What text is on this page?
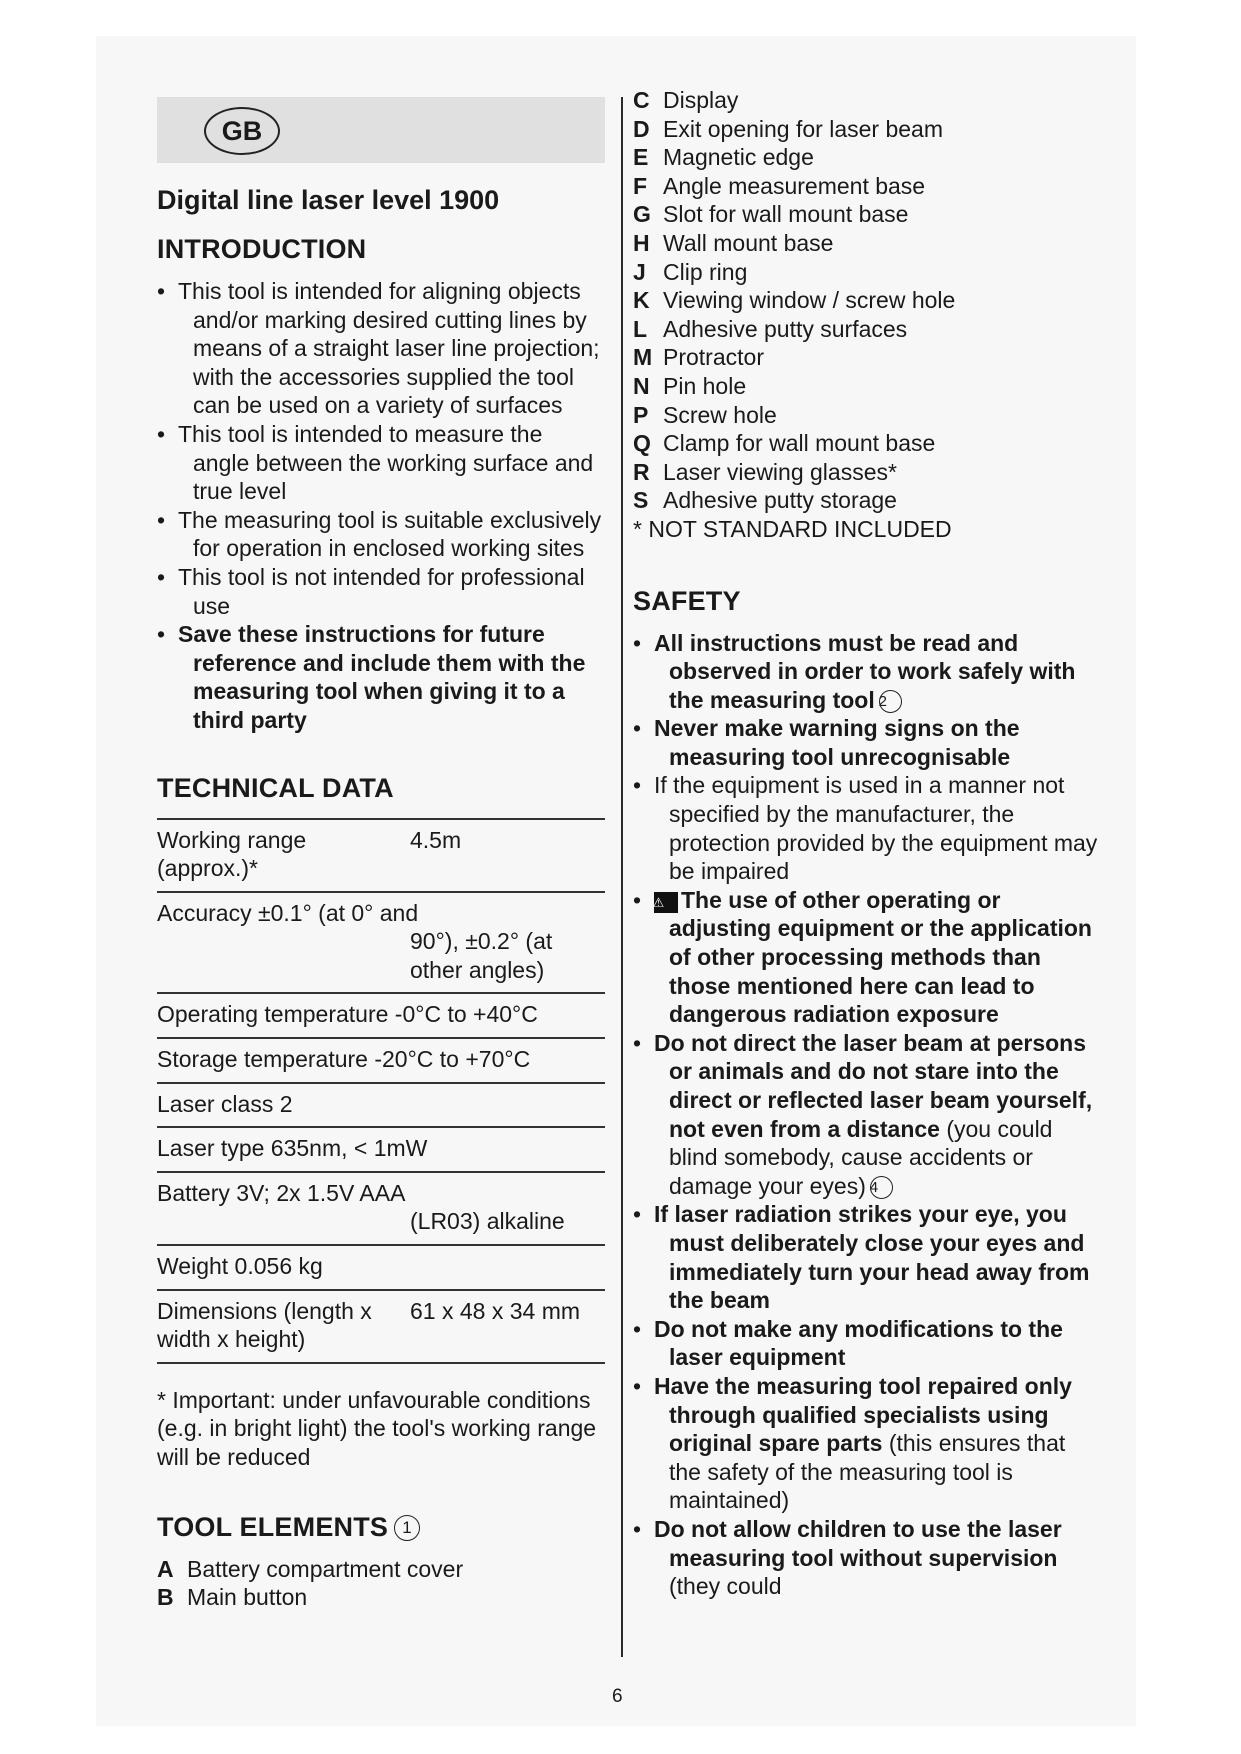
GB
Digital line laser level 1900
INTRODUCTION
• This tool is intended for aligning objects and/or marking desired cutting lines by means of a straight laser line projection; with the accessories supplied the tool can be used on a variety of surfaces
• This tool is intended to measure the angle between the working surface and true level
• The measuring tool is suitable exclusively for operation in enclosed working sites
• This tool is not intended for professional use
• Save these instructions for future reference and include them with the measuring tool when giving it to a third party
TECHNICAL DATA
Working range (approx.)*
4.5m
Accuracy ±0.1° (at 0° and
90°), ±0.2° (at other angles)
Operating temperature -0°C to +40°C
Storage temperature -20°C to +70°C
Laser class 2
Laser type 635nm, < 1mW
Battery 3V; 2x 1.5V AAA
(LR03) alkaline
Weight 0.056 kg
Dimensions (length x width x height)
61 x 48 x 34 mm
* Important: under unfavourable conditions (e.g. in bright light) the tool's working range will be reduced
TOOL ELEMENTS 1
A Battery compartment cover
B Main button
C Display
D Exit opening for laser beam
E Magnetic edge
F Angle measurement base
G Slot for wall mount base
H Wall mount base
J Clip ring
K Viewing window / screw hole
L Adhesive putty surfaces
M Protractor
N Pin hole
P Screw hole
Q Clamp for wall mount base
R Laser viewing glasses*
S Adhesive putty storage
* NOT STANDARD INCLUDED
SAFETY
• All instructions must be read and observed in order to work safely with the measuring tool 2
• Never make warning signs on the measuring tool unrecognisable
• If the equipment is used in a manner not specified by the manufacturer, the protection provided by the equipment may be impaired
• ⚠ The use of other operating or adjusting equipment or the application of other processing methods than those mentioned here can lead to dangerous radiation exposure
• Do not direct the laser beam at persons or animals and do not stare into the direct or reflected laser beam yourself, not even from a distance (you could blind somebody, cause accidents or damage your eyes) 4
• If laser radiation strikes your eye, you must deliberately close your eyes and immediately turn your head away from the beam
• Do not make any modifications to the laser equipment
• Have the measuring tool repaired only through qualified specialists using original spare parts (this ensures that the safety of the measuring tool is maintained)
• Do not allow children to use the laser measuring tool without supervision (they could
6
